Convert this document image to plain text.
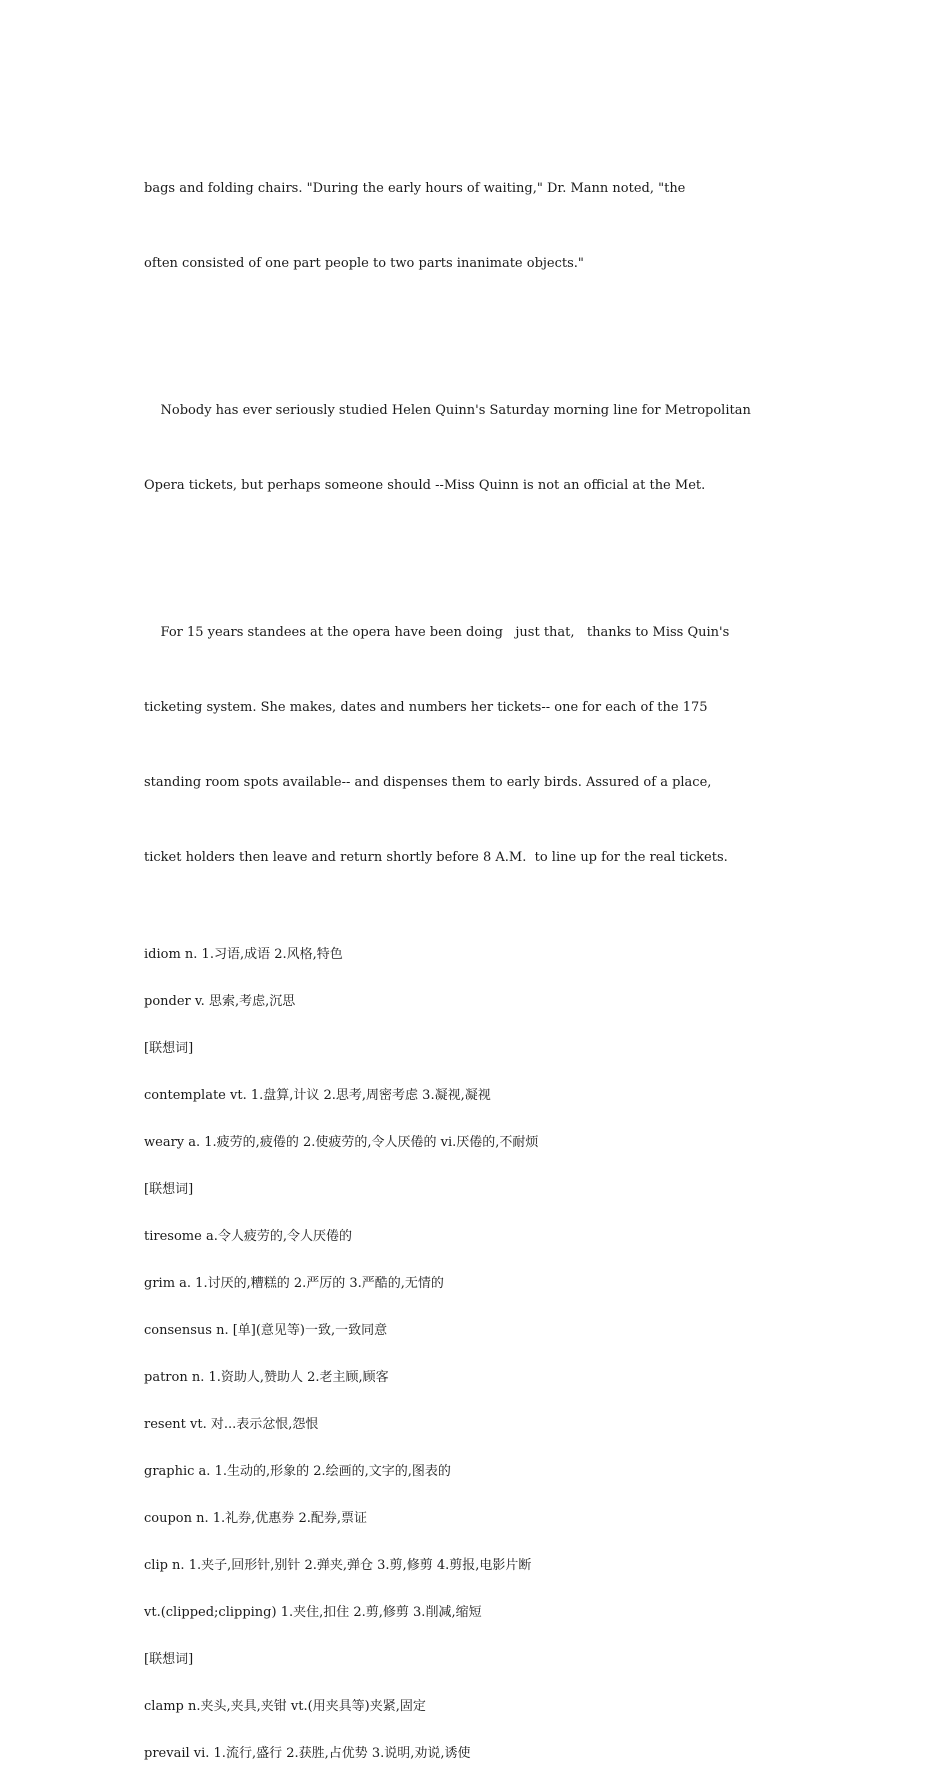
bags and folding chairs. "During the early hours of waiting," Dr. Mann noted, "the

often consisted of one part people to two parts inanimate objects."

Nobody has ever seriously studied Helen Quinn's Saturday morning line for Metropolitan

Opera tickets, but perhaps someone should --Miss Quinn is not an official at the Met.

For 15 years standees at the opera have been doing   just that,   thanks to Miss Quin's

ticketing system. She makes, dates and numbers her tickets-- one for each of the 175

standing room spots available-- and dispenses them to early birds. Assured of a place,

ticket holders then leave and return shortly before 8 A.M.  to line up for the real tickets.

idiom n. 1.习语,成语 2.风格,特色

ponder v. 思索,考虑,沉思

[联想词]

contemplate vt. 1.盘算,计议 2.思考,周密考虑 3.凝视,凝视

weary a. 1.疲劳的,疲倦的 2.使疲劳的,令人厌倦的 vi.厌倦的,不耐烦

[联想词]

tiresome a.令人疲劳的,令人厌倦的

grim a. 1.讨厌的,糟糕的 2.严厉的 3.严酷的,无情的

consensus n. [单](意见等)一致,一致同意

patron n. 1.资助人,赞助人 2.老主顾,顾客

resent vt. 对...表示忿恨,怨恨

graphic a. 1.生动的,形象的 2.绘画的,文字的,图表的

coupon n. 1.礼券,优惠券 2.配券,票证

clip n. 1.夹子,回形针,别针 2.弹夹,弹仓 3.剪,修剪 4.剪报,电影片断

vt.(clipped;clipping) 1.夹住,扣住 2.剪,修剪 3.削减,缩短

[联想词]

clamp n.夹头,夹具,夹钳 vt.(用夹具等)夹紧,固定

prevail vi. 1.流行,盛行 2.获胜,占优势 3.说明,劝说,诱使
